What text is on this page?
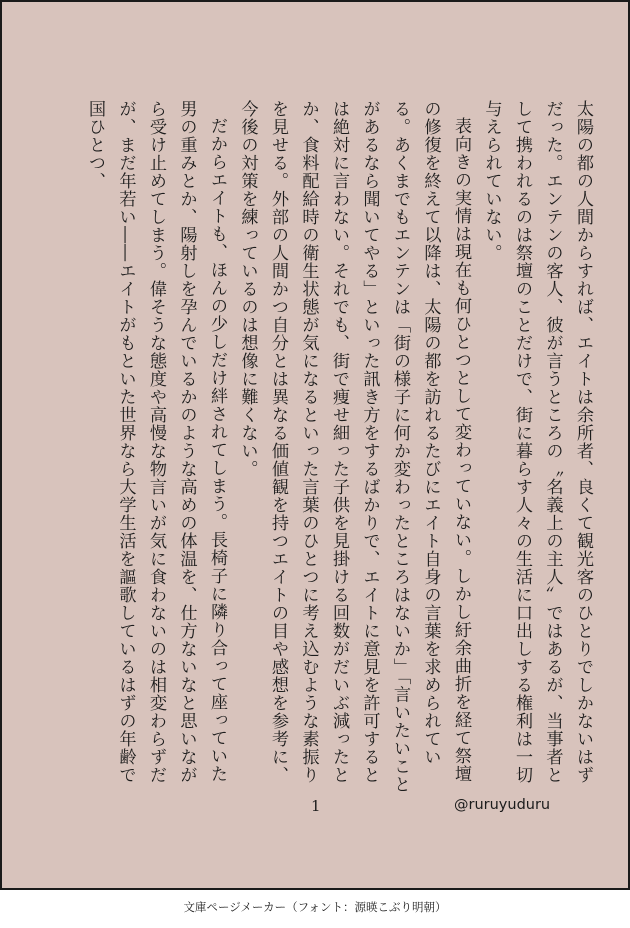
太陽の都の人間からすれば、エイトは余所者、良くて観光客のひとりでしかないはずだった。エンテンの客人、彼が言うところの〝名義上の主人〟ではあるが、当事者として携われるのは祭壇のことだけで、街に暮らす人々の生活に口出しする権利は一切与えられていない。

表向きの実情は現在も何ひとつとして変わっていない。しかし紆余曲折を経て祭壇の修復を終えて以降は、太陽の都を訪れるたびにエイト自身の言葉を求められている。あくまでもエンテンは「街の様子に何か変わったところはないか」「言いたいことがあるなら聞いてやる」といった訊き方をするばかりで、エイトに意見を許可するとは絶対に言わない。それでも、街で痩せ細った子供を見掛ける回数がだいぶ減ったとか、食料配給時の衛生状態が気になるといった言葉のひとつに考え込むような素振りを見せる。外部の人間かつ自分とは異なる価値観を持つエイトの目や感想を参考に、今後の対策を練っているのは想像に難くない。

だからエイトも、ほんの少しだけ絆されてしまう。長椅子に隣り合って座っていた男の重みとか、陽射しを孕んでいるかのような高めの体温を、仕方ないなと思いながら受け止めてしまう。偉そうな態度や高慢な物言いが気に食わないのは相変わらずだが、まだ年若い――エイトがもといた世界なら大学生活を謳歌しているはずの年齢で国ひとつ、

1	@ruruyuduru
文庫ページメーカー（フォント：源暎こぶり明朝）
